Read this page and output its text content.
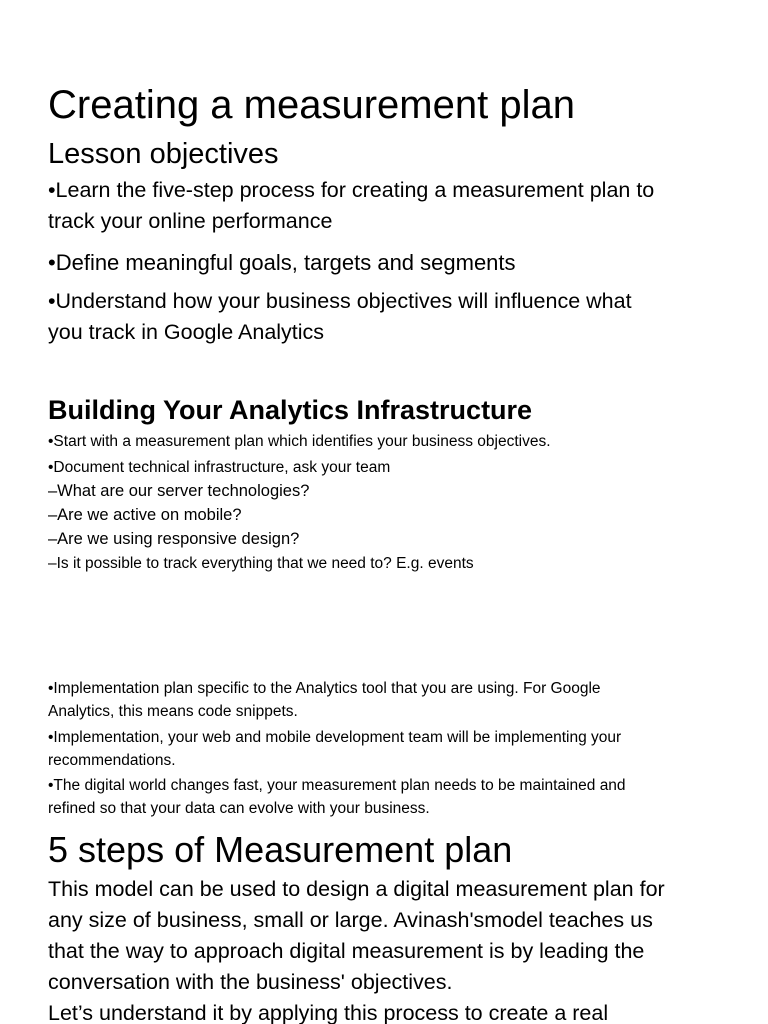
Creating a measurement plan
Lesson objectives
•Learn the five-step process for creating a measurement plan to
track your online performance
•Define meaningful goals, targets and segments
•Understand how your business objectives will influence what
you track in Google Analytics
Building Your Analytics Infrastructure
•Start with a measurement plan which identifies your business objectives.
•Document technical infrastructure, ask your team
–What are our server technologies?
–Are we active on mobile?
–Are we using responsive design?
–Is it possible to track everything that we need to? E.g. events
•Implementation plan specific to the Analytics tool that you are using. For Google
Analytics, this means code snippets.
•Implementation, your web and mobile development team will be implementing your
recommendations.
•The digital world changes fast, your measurement plan needs to be maintained and
refined so that your data can evolve with your business.
5 steps of Measurement plan
This model can be used to design a digital measurement plan for
any size of business, small or large. Avinash'smodel teaches us
that the way to approach digital measurement is by leading the
conversation with the business' objectives.
Let’s understand it by applying this process to create a real
